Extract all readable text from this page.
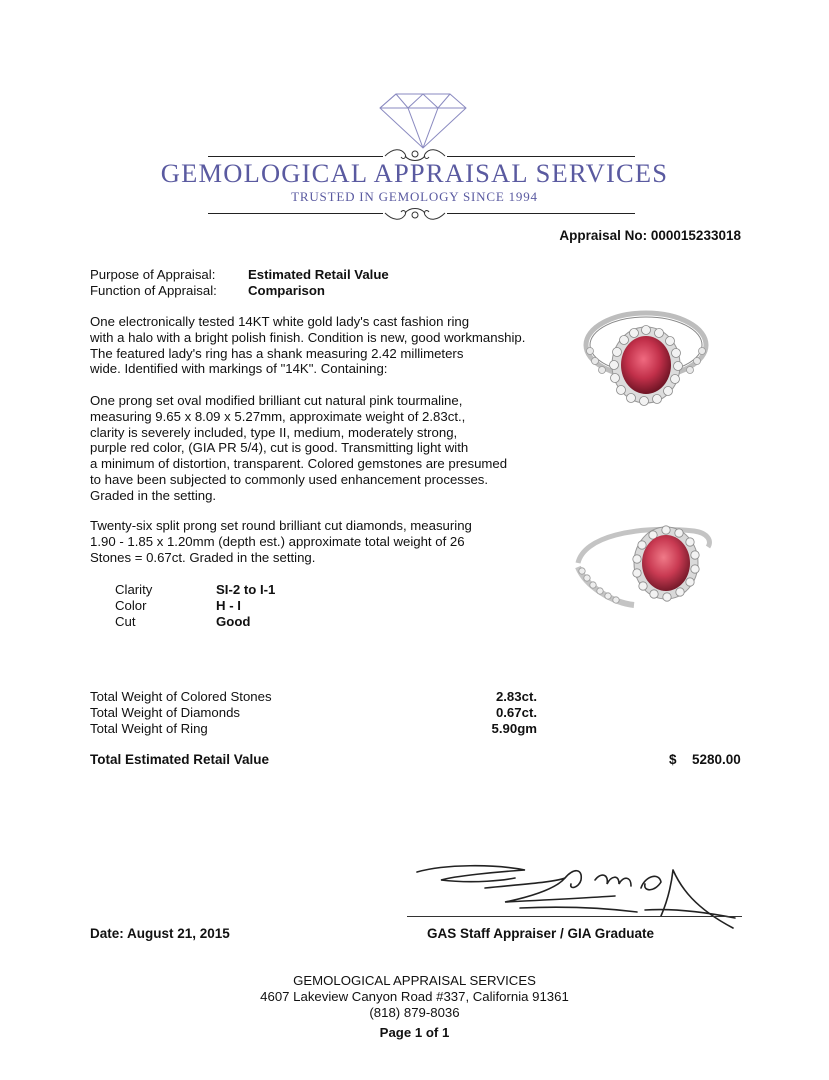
GEMOLOGICAL APPRAISAL SERVICES
TRUSTED IN GEMOLOGY SINCE 1994
Appraisal No: 000015233018
Purpose of Appraisal: Estimated Retail Value
Function of Appraisal: Comparison

One electronically tested 14KT white gold lady's cast fashion ring
with a halo with a bright polish finish. Condition is new, good workmanship.
The featured lady's ring has a shank measuring 2.42 millimeters
wide. Identified with markings of "14K". Containing:

One prong set oval modified brilliant cut natural pink tourmaline,
measuring 9.65 x 8.09 x 5.27mm, approximate weight of 2.83ct.,
clarity is severely included, type II, medium, moderately strong,
purple red color, (GIA PR 5/4), cut is good. Transmitting light with
a minimum of distortion, transparent. Colored gemstones are presumed
to have been subjected to commonly used enhancement processes.
Graded in the setting.

Twenty-six split prong set round brilliant cut diamonds, measuring
1.90 - 1.85 x 1.20mm (depth est.) approximate total weight of 26
Stones = 0.67ct. Graded in the setting.

Clarity	SI-2 to I-1
Color	H - I
Cut	Good
Total Weight of Colored Stones	2.83ct.
Total Weight of Diamonds	0.67ct.
Total Weight of Ring	5.90gm
Total Estimated Retail Value	$ 5280.00
Date: August 21, 2015	GAS Staff Appraiser / GIA Graduate
GEMOLOGICAL APPRAISAL SERVICES
4607 Lakeview Canyon Road #337, California 91361
(818) 879-8036
Page 1 of 1
